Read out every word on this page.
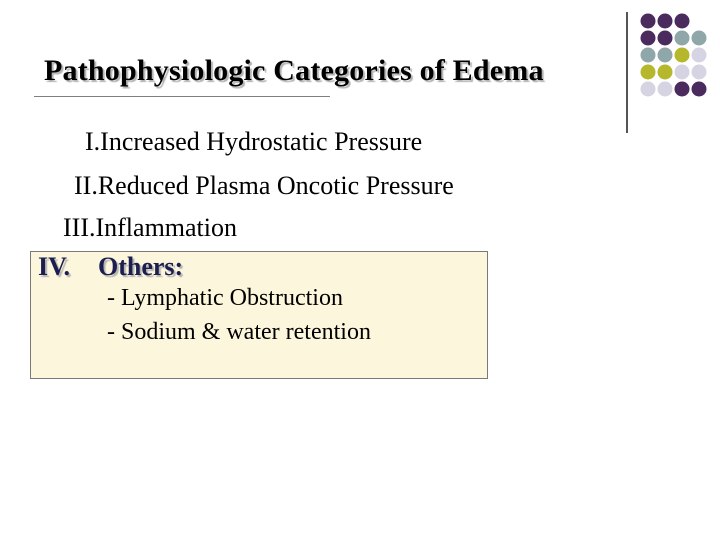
Pathophysiologic Categories of Edema
I.Increased Hydrostatic Pressure
II.Reduced Plasma Oncotic Pressure
III.Inflammation
IV. Others:
- Lymphatic Obstruction
- Sodium & water retention
